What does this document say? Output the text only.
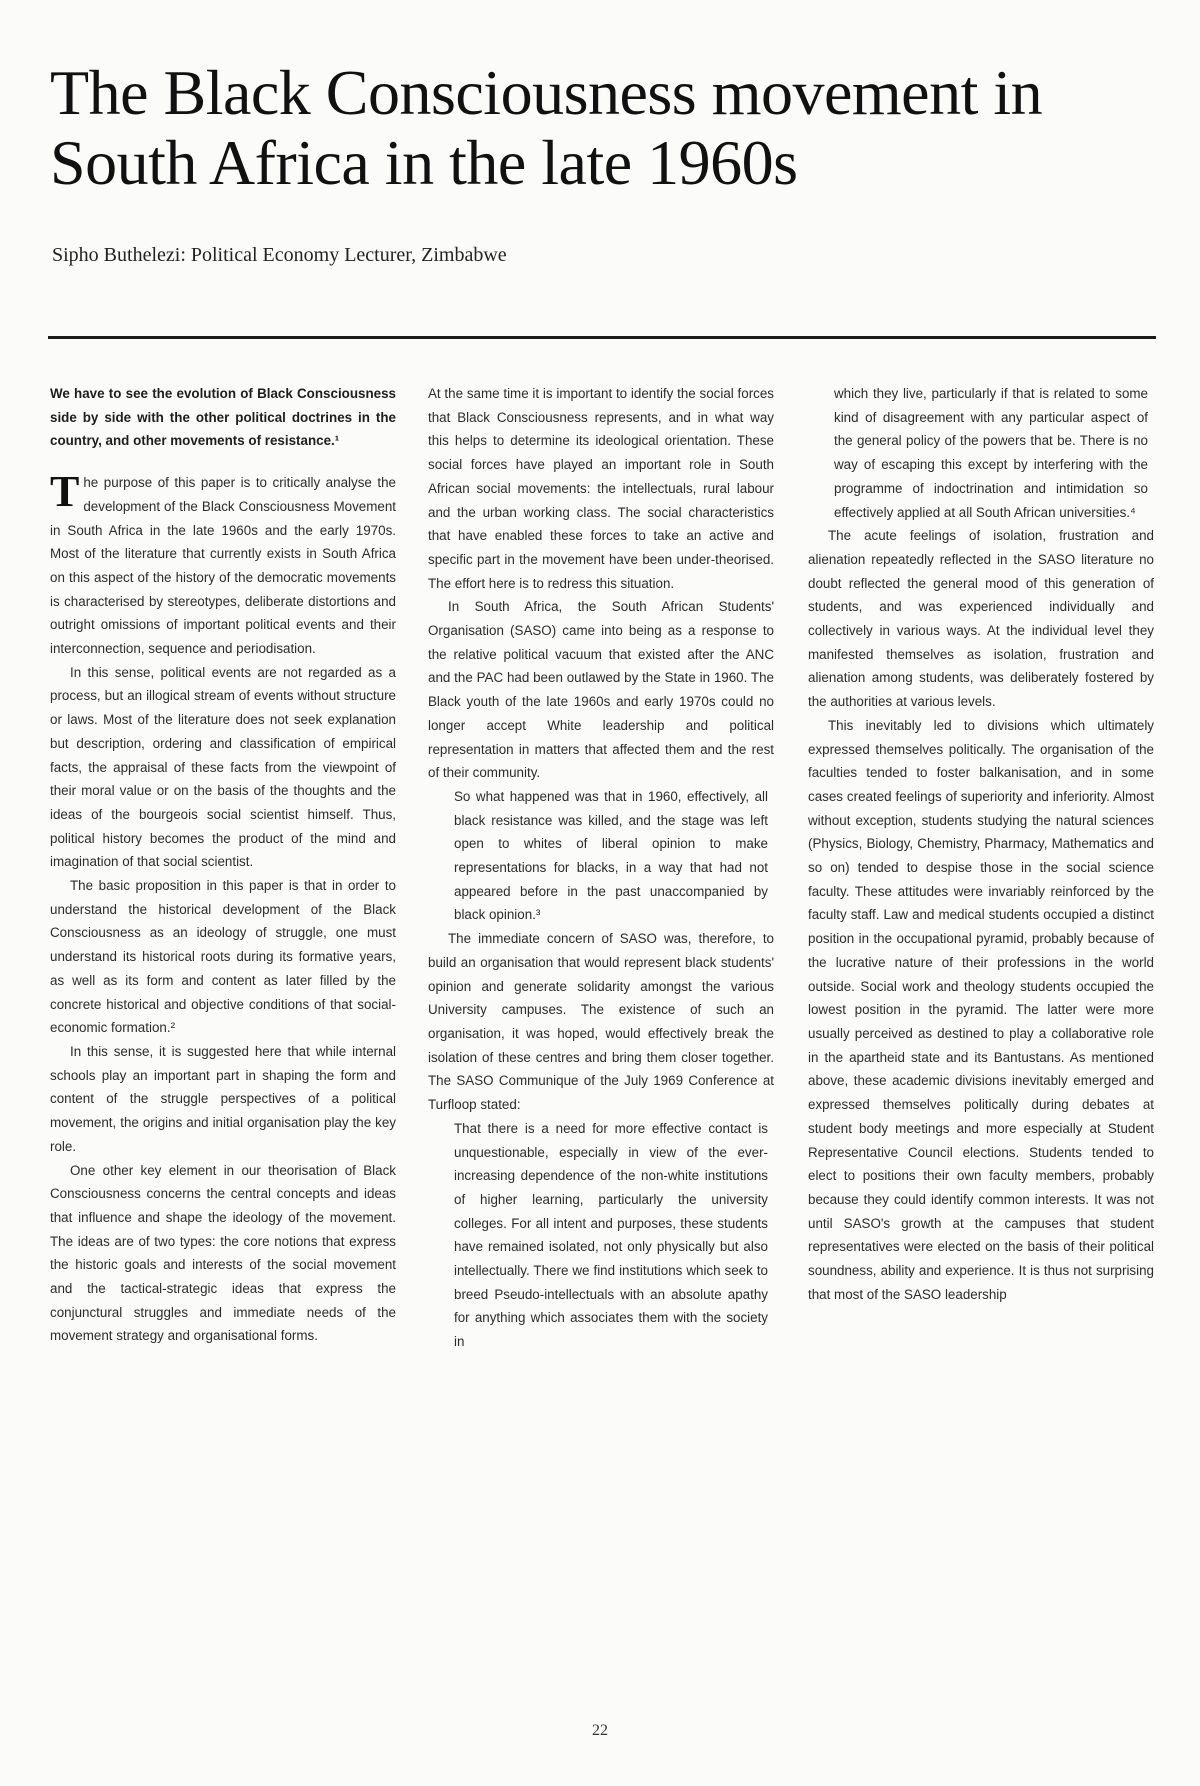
The Black Consciousness movement in South Africa in the late 1960s

Sipho Buthelezi: Political Economy Lecturer, Zimbabwe

We have to see the evolution of Black Consciousness side by side with the other political doctrines in the country, and other movements of resistance.¹

The purpose of this paper is to critically analyse the development of the Black Consciousness Movement in South Africa in the late 1960s and the early 1970s. Most of the literature that currently exists in South Africa on this aspect of the history of the democratic movements is characterised by stereotypes, deliberate distortions and outright omissions of important political events and their interconnection, sequence and periodisation.

In this sense, political events are not regarded as a process, but an illogical stream of events without structure or laws. Most of the literature does not seek explanation but description, ordering and classification of empirical facts, the appraisal of these facts from the viewpoint of their moral value or on the basis of the thoughts and the ideas of the bourgeois social scientist himself. Thus, political history becomes the product of the mind and imagination of that social scientist.

The basic proposition in this paper is that in order to understand the historical development of the Black Consciousness as an ideology of struggle, one must understand its historical roots during its formative years, as well as its form and content as later filled by the concrete historical and objective conditions of that social-economic formation.²

In this sense, it is suggested here that while internal schools play an important part in shaping the form and content of the struggle perspectives of a political movement, the origins and initial organisation play the key role.

One other key element in our theorisation of Black Consciousness concerns the central concepts and ideas that influence and shape the ideology of the movement. The ideas are of two types: the core notions that express the historic goals and interests of the social movement and the tactical-strategic ideas that express the conjunctural struggles and immediate needs of the movement strategy and organisational forms.

At the same time it is important to identify the social forces that Black Consciousness represents, and in what way this helps to determine its ideological orientation. These social forces have played an important role in South African social movements: the intellectuals, rural labour and the urban working class. The social characteristics that have enabled these forces to take an active and specific part in the movement have been under-theorised. The effort here is to redress this situation.

In South Africa, the South African Students' Organisation (SASO) came into being as a response to the relative political vacuum that existed after the ANC and the PAC had been outlawed by the State in 1960. The Black youth of the late 1960s and early 1970s could no longer accept White leadership and political representation in matters that affected them and the rest of their community.

So what happened was that in 1960, effectively, all black resistance was killed, and the stage was left open to whites of liberal opinion to make representations for blacks, in a way that had not appeared before in the past unaccompanied by black opinion.³

The immediate concern of SASO was, therefore, to build an organisation that would represent black students' opinion and generate solidarity amongst the various University campuses. The existence of such an organisation, it was hoped, would effectively break the isolation of these centres and bring them closer together. The SASO Communique of the July 1969 Conference at Turfloop stated:

That there is a need for more effective contact is unquestionable, especially in view of the ever-increasing dependence of the non-white institutions of higher learning, particularly the university colleges. For all intent and purposes, these students have remained isolated, not only physically but also intellectually. There we find institutions which seek to breed Pseudo-intellectuals with an absolute apathy for anything which associates them with the society in

which they live, particularly if that is related to some kind of disagreement with any particular aspect of the general policy of the powers that be. There is no way of escaping this except by interfering with the programme of indoctrination and intimidation so effectively applied at all South African universities.⁴

The acute feelings of isolation, frustration and alienation repeatedly reflected in the SASO literature no doubt reflected the general mood of this generation of students, and was experienced individually and collectively in various ways. At the individual level they manifested themselves as isolation, frustration and alienation among students, was deliberately fostered by the authorities at various levels.

This inevitably led to divisions which ultimately expressed themselves politically. The organisation of the faculties tended to foster balkanisation, and in some cases created feelings of superiority and inferiority. Almost without exception, students studying the natural sciences (Physics, Biology, Chemistry, Pharmacy, Mathematics and so on) tended to despise those in the social science faculty. These attitudes were invariably reinforced by the faculty staff. Law and medical students occupied a distinct position in the occupational pyramid, probably because of the lucrative nature of their professions in the world outside. Social work and theology students occupied the lowest position in the pyramid. The latter were more usually perceived as destined to play a collaborative role in the apartheid state and its Bantustans. As mentioned above, these academic divisions inevitably emerged and expressed themselves politically during debates at student body meetings and more especially at Student Representative Council elections. Students tended to elect to positions their own faculty members, probably because they could identify common interests. It was not until SASO's growth at the campuses that student representatives were elected on the basis of their political soundness, ability and experience. It is thus not surprising that most of the SASO leadership

22
